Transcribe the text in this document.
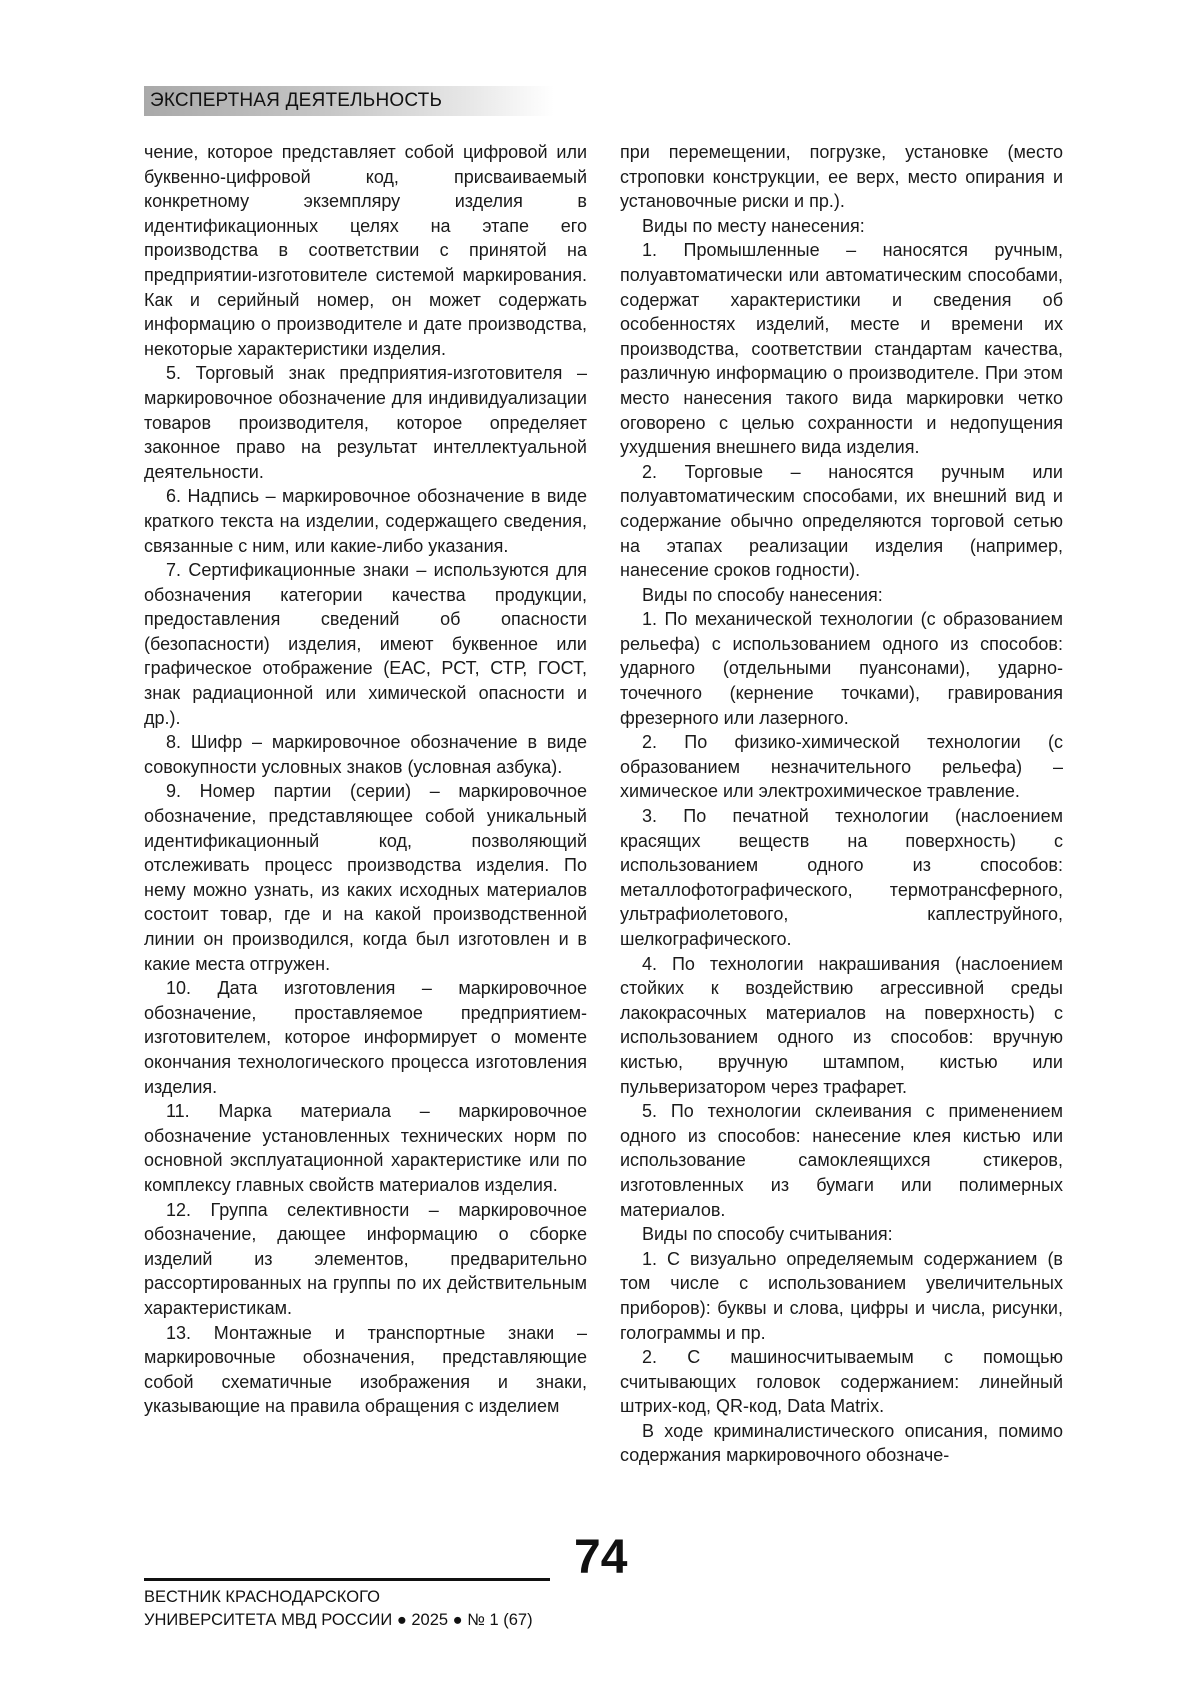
ЭКСПЕРТНАЯ ДЕЯТЕЛЬНОСТЬ

чение, которое представляет собой цифровой или буквенно-цифровой код, присваиваемый конкретному экземпляру изделия в идентификационных целях на этапе его производства в соответствии с принятой на предприятии-изготовителе системой маркирования. Как и серийный номер, он может содержать информацию о производителе и дате производства, некоторые характеристики изделия.

5. Торговый знак предприятия-изготовителя – маркировочное обозначение для индивидуализации товаров производителя, которое определяет законное право на результат интеллектуальной деятельности.

6. Надпись – маркировочное обозначение в виде краткого текста на изделии, содержащего сведения, связанные с ним, или какие-либо указания.

7. Сертификационные знаки – используются для обозначения категории качества продукции, предоставления сведений об опасности (безопасности) изделия, имеют буквенное или графическое отображение (ЕАС, РСТ, СТР, ГОСТ, знак радиационной или химической опасности и др.).

8. Шифр – маркировочное обозначение в виде совокупности условных знаков (условная азбука).

9. Номер партии (серии) – маркировочное обозначение, представляющее собой уникальный идентификационный код, позволяющий отслеживать процесс производства изделия. По нему можно узнать, из каких исходных материалов состоит товар, где и на какой производственной линии он производился, когда был изготовлен и в какие места отгружен.

10. Дата изготовления – маркировочное обозначение, проставляемое предприятием-изготовителем, которое информирует о моменте окончания технологического процесса изготовления изделия.

11. Марка материала – маркировочное обозначение установленных технических норм по основной эксплуатационной характеристике или по комплексу главных свойств материалов изделия.

12. Группа селективности – маркировочное обозначение, дающее информацию о сборке изделий из элементов, предварительно рассортированных на группы по их действительным характеристикам.

13. Монтажные и транспортные знаки – маркировочные обозначения, представляющие собой схематичные изображения и знаки, указывающие на правила обращения с изделием

при перемещении, погрузке, установке (место строповки конструкции, ее верх, место опирания и установочные риски и пр.).

Виды по месту нанесения:

1. Промышленные – наносятся ручным, полуавтоматически или автоматическим способами, содержат характеристики и сведения об особенностях изделий, месте и времени их производства, соответствии стандартам качества, различную информацию о производителе. При этом место нанесения такого вида маркировки четко оговорено с целью сохранности и недопущения ухудшения внешнего вида изделия.

2. Торговые – наносятся ручным или полуавтоматическим способами, их внешний вид и содержание обычно определяются торговой сетью на этапах реализации изделия (например, нанесение сроков годности).

Виды по способу нанесения:

1. По механической технологии (с образованием рельефа) с использованием одного из способов: ударного (отдельными пуансонами), ударно-точечного (кернение точками), гравирования фрезерного или лазерного.

2. По физико-химической технологии (с образованием незначительного рельефа) – химическое или электрохимическое травление.

3. По печатной технологии (наслоением красящих веществ на поверхность) с использованием одного из способов: металлофотографического, термотрансферного, ультрафиолетового, каплеструйного, шелкографического.

4. По технологии накрашивания (наслоением стойких к воздействию агрессивной среды лакокрасочных материалов на поверхность) с использованием одного из способов: вручную кистью, вручную штампом, кистью или пульверизатором через трафарет.

5. По технологии склеивания с применением одного из способов: нанесение клея кистью или использование самоклеящихся стикеров, изготовленных из бумаги или полимерных материалов.

Виды по способу считывания:

1. С визуально определяемым содержанием (в том числе с использованием увеличительных приборов): буквы и слова, цифры и числа, рисунки, голограммы и пр.

2. С машиносчитываемым с помощью считывающих головок содержанием: линейный штрих-код, QR-код, Data Matrix.

В ходе криминалистического описания, помимо содержания маркировочного обозначе-

74
ВЕСТНИК КРАСНОДАРСКОГО
УНИВЕРСИТЕТА МВД РОССИИ ● 2025 ● № 1 (67)
